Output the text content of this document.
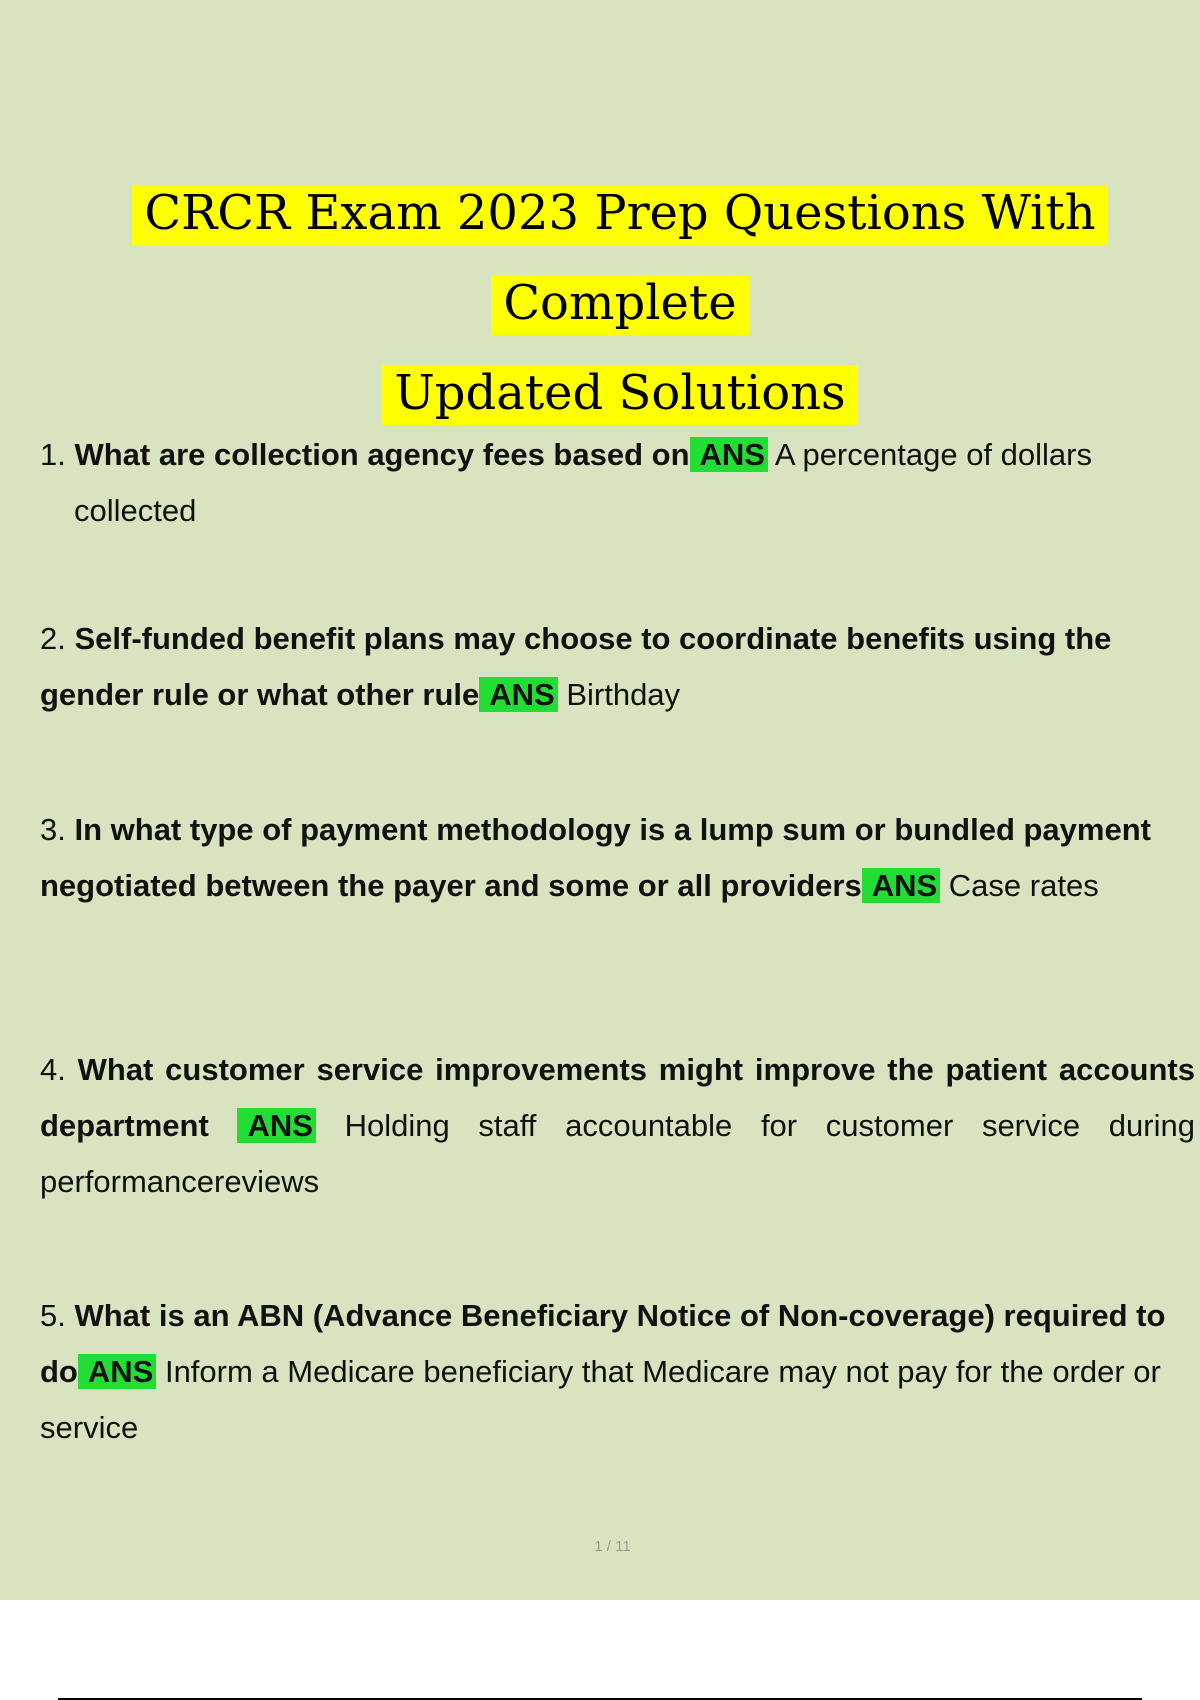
CRCR Exam 2023 Prep Questions With Complete
Updated Solutions
1. What are collection agency fees based on ANS A percentage of dollars collected
2. Self-funded benefit plans may choose to coordinate benefits using the gender rule or what other rule ANS Birthday
3. In what type of payment methodology is a lump sum or bundled payment negotiated between the payer and some or all providers ANS Case rates
4. What customer service improvements might improve the patient accounts department ANS Holding staff accountable for customer service during performancereviews
5. What is an ABN (Advance Beneficiary Notice of Non-coverage) required to do ANS Inform a Medicare beneficiary that Medicare may not pay for the order or service
1 / 11
